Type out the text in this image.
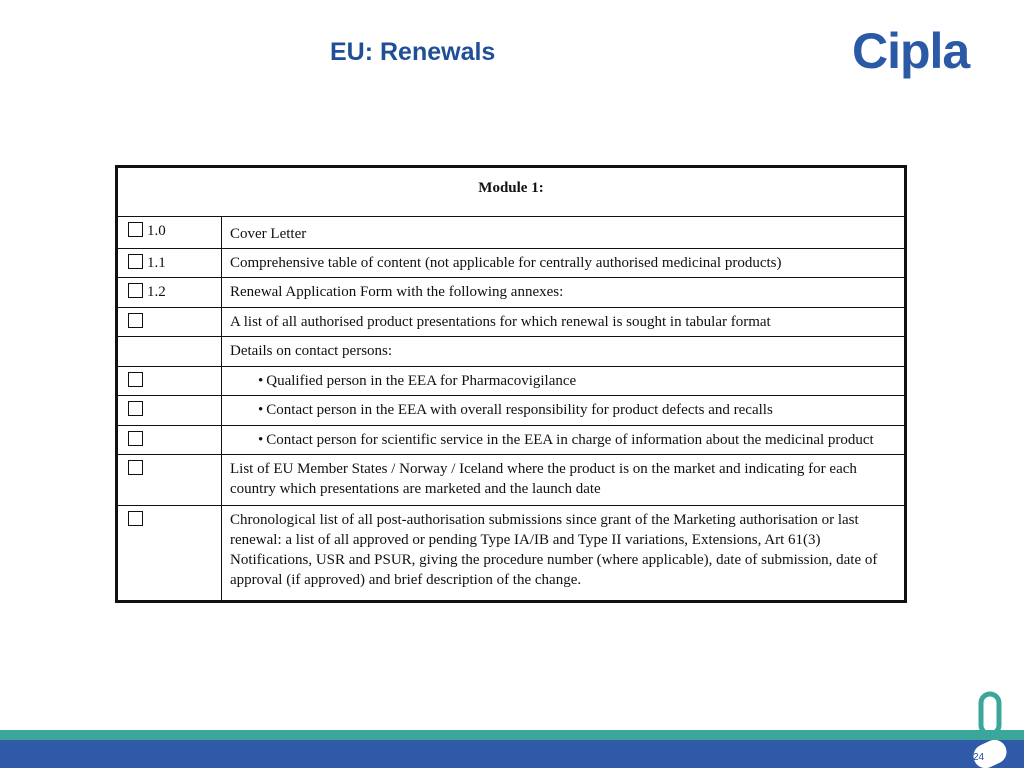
EU: Renewals	Cipla
Module 1:	
1.0	Cover Letter
1.1	Comprehensive table of content (not applicable for centrally authorised medicinal products)
1.2	Renewal Application Form with the following annexes:
	A list of all authorised product presentations for which renewal is sought in tabular format
	Details on contact persons:
	• Qualified person in the EEA for Pharmacovigilance
	• Contact person in the EEA with overall responsibility for product defects and recalls
	• Contact person for scientific service in the EEA in charge of information about the medicinal product
	List of EU Member States / Norway / Iceland where the product is on the market and indicating for each country which presentations are marketed and the launch date
	Chronological list of all post-authorisation submissions since grant of the Marketing authorisation or last renewal: a list of all approved or pending Type IA/IB and Type II variations, Extensions, Art 61(3) Notifications, USR and PSUR, giving the procedure number (where applicable), date of submission, date of approval (if approved) and brief description of the change.
24
